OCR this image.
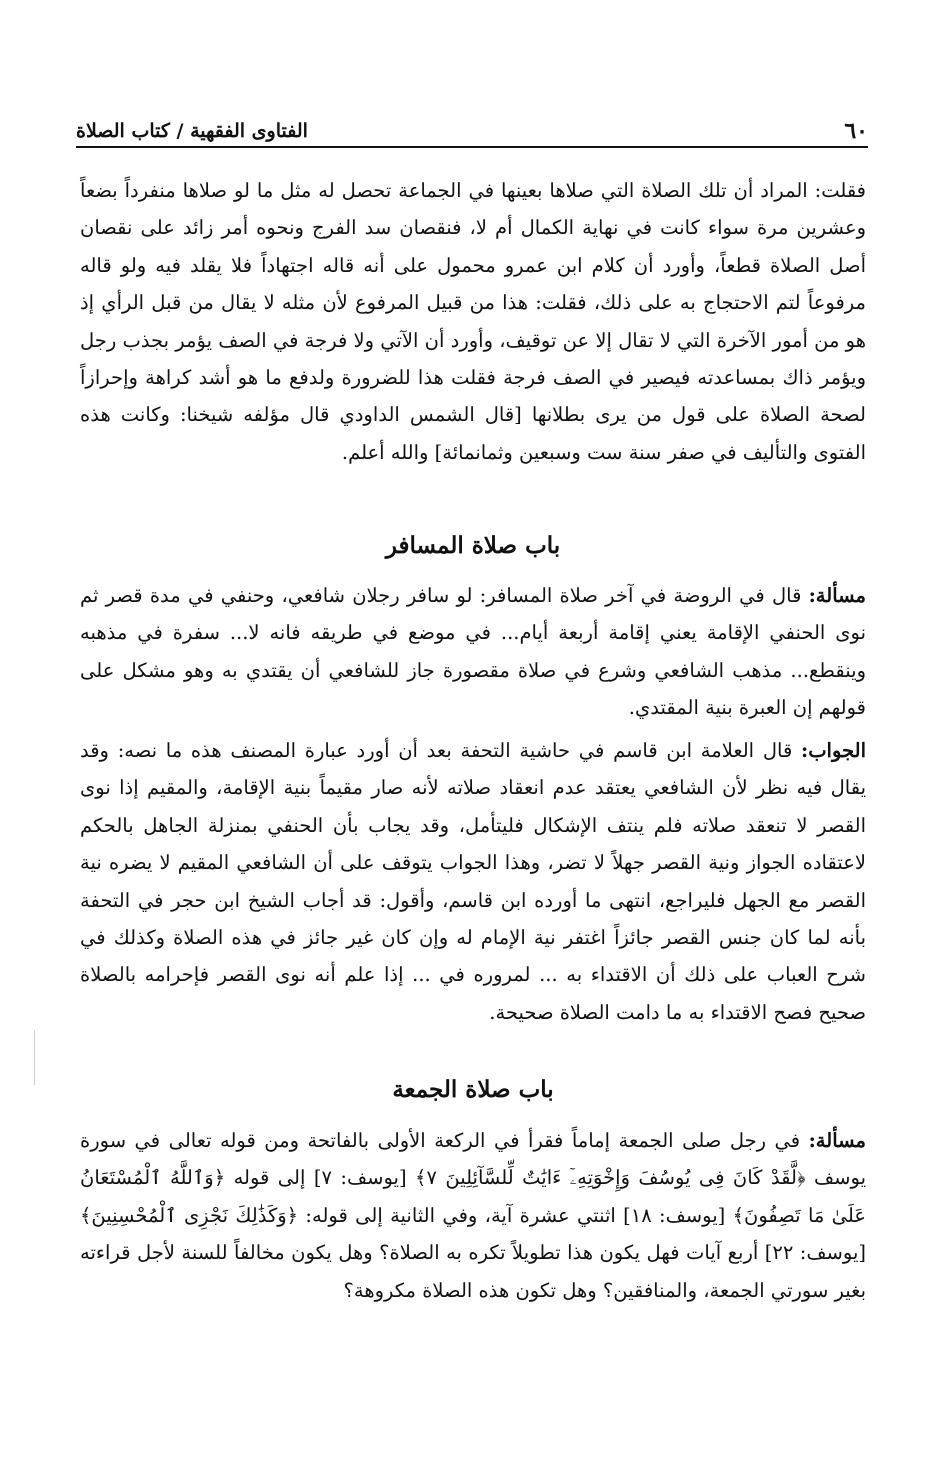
٦٠
الفتاوى الفقهية / كتاب الصلاة

فقلت: المراد أن تلك الصلاة التي صلاها بعينها في الجماعة تحصل له مثل ما لو صلاها منفرداً بضعاً وعشرين مرة سواء كانت في نهاية الكمال أم لا، فنقصان سد الفرج ونحوه أمر زائد على نقصان أصل الصلاة قطعاً، وأورد أن كلام ابن عمرو محمول على أنه قاله اجتهاداً فلا يقلد فيه ولو قاله مرفوعاً لتم الاحتجاج به على ذلك، فقلت: هذا من قبيل المرفوع لأن مثله لا يقال من قبل الرأي إذ هو من أمور الآخرة التي لا تقال إلا عن توقيف، وأورد أن الآتي ولا فرجة في الصف يؤمر بجذب رجل ويؤمر ذاك بمساعدته فيصير في الصف فرجة فقلت هذا للضرورة ولدفع ما هو أشد كراهة وإحرازاً لصحة الصلاة على قول من يرى بطلانها [قال الشمس الداودي قال مؤلفه شيخنا: وكانت هذه الفتوى والتأليف في صفر سنة ست وسبعين وثمانمائة] والله أعلم.

باب صلاة المسافر

مسألة: قال في الروضة في آخر صلاة المسافر: لو سافر رجلان شافعي، وحنفي في مدة قصر ثم نوى الحنفي الإقامة يعني إقامة أربعة أيام... في موضع في طريقه فانه لا... سفرة في مذهبه وينقطع... مذهب الشافعي وشرع في صلاة مقصورة جاز للشافعي أن يقتدي به وهو مشكل على قولهم إن العبرة بنية المقتدي.

الجواب: قال العلامة ابن قاسم في حاشية التحفة بعد أن أورد عبارة المصنف هذه ما نصه: وقد يقال فيه نظر لأن الشافعي يعتقد عدم انعقاد صلاته لأنه صار مقيماً بنية الإقامة، والمقيم إذا نوى القصر لا تنعقد صلاته فلم ينتف الإشكال فليتأمل، وقد يجاب بأن الحنفي بمنزلة الجاهل بالحكم لاعتقاده الجواز ونية القصر جهلاً لا تضر، وهذا الجواب يتوقف على أن الشافعي المقيم لا يضره نية القصر مع الجهل فليراجع، انتهى ما أورده ابن قاسم، وأقول: قد أجاب الشيخ ابن حجر في التحفة بأنه لما كان جنس القصر جائزاً اغتفر نية الإمام له وإن كان غير جائز في هذه الصلاة وكذلك في شرح العباب على ذلك أن الاقتداء به ... لمروره في ... إذا علم أنه نوى القصر فإحرامه بالصلاة صحيح فصح الاقتداء به ما دامت الصلاة صحيحة.

باب صلاة الجمعة

مسألة: في رجل صلى الجمعة إماماً فقرأ في الركعة الأولى بالفاتحة ومن قوله تعالى في سورة يوسف ﴿لَّقَدْ كَانَ فِى يُوسُفَ وَإِخْوَتِهِۦٓ ءَايَٰتٌ لِّلسَّآئِلِينَ ٧﴾ [يوسف: ٧] إلى قوله ﴿وَٱللَّهُ ٱلْمُسْتَعَانُ عَلَىٰ مَا تَصِفُونَ﴾ [يوسف: ١٨] اثنتي عشرة آية، وفي الثانية إلى قوله: ﴿وَكَذَٰلِكَ نَجْزِى ٱلْمُحْسِنِينَ﴾ [يوسف: ٢٢] أربع آيات فهل يكون هذا تطويلاً تكره به الصلاة؟ وهل يكون مخالفاً للسنة لأجل قراءته بغير سورتي الجمعة، والمنافقين؟ وهل تكون هذه الصلاة مكروهة؟
